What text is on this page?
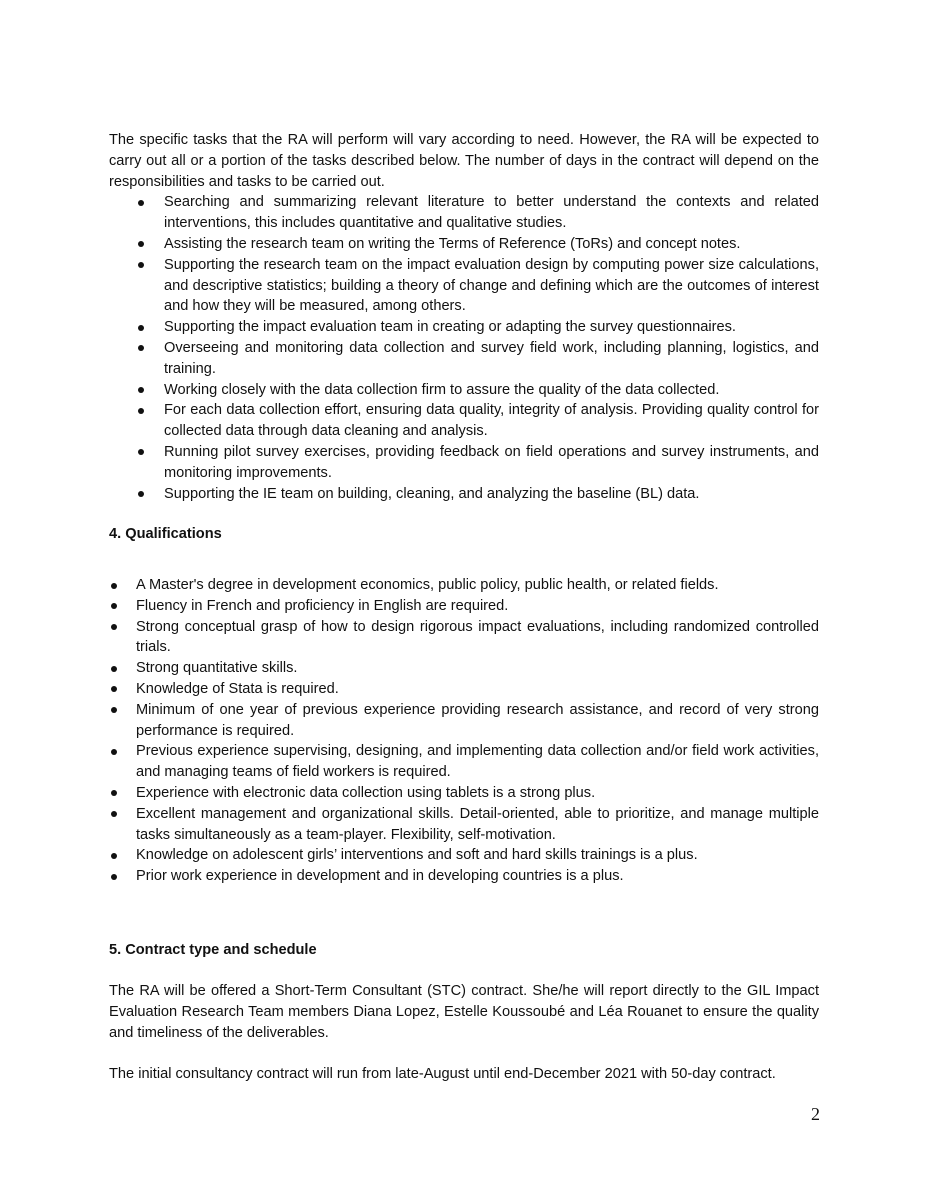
The specific tasks that the RA will perform will vary according to need. However, the RA will be expected to carry out all or a portion of the tasks described below. The number of days in the contract will depend on the responsibilities and tasks to be carried out.

Searching and summarizing relevant literature to better understand the contexts and related interventions, this includes quantitative and qualitative studies.
Assisting the research team on writing the Terms of Reference (ToRs) and concept notes.
Supporting the research team on the impact evaluation design by computing power size calculations, and descriptive statistics; building a theory of change and defining which are the outcomes of interest and how they will be measured, among others.
Supporting the impact evaluation team in creating or adapting the survey questionnaires.
Overseeing and monitoring data collection and survey field work, including planning, logistics, and training.
Working closely with the data collection firm to assure the quality of the data collected.
For each data collection effort, ensuring data quality, integrity of analysis. Providing quality control for collected data through data cleaning and analysis.
Running pilot survey exercises, providing feedback on field operations and survey instruments, and monitoring improvements.
Supporting the IE team on building, cleaning, and analyzing the baseline (BL) data.
4. Qualifications
A Master's degree in development economics, public policy, public health, or related fields.
Fluency in French and proficiency in English are required.
Strong conceptual grasp of how to design rigorous impact evaluations, including randomized controlled trials.
Strong quantitative skills.
Knowledge of Stata is required.
Minimum of one year of previous experience providing research assistance, and record of very strong performance is required.
Previous experience supervising, designing, and implementing data collection and/or field work activities, and managing teams of field workers is required.
Experience with electronic data collection using tablets is a strong plus.
Excellent management and organizational skills. Detail-oriented, able to prioritize, and manage multiple tasks simultaneously as a team-player. Flexibility, self-motivation.
Knowledge on adolescent girls’ interventions and soft and hard skills trainings is a plus.
Prior work experience in development and in developing countries is a plus.
5. Contract type and schedule

The RA will be offered a Short-Term Consultant (STC) contract. She/he will report directly to the GIL Impact Evaluation Research Team members Diana Lopez, Estelle Koussoubé and Léa Rouanet to ensure the quality and timeliness of the deliverables.

The initial consultancy contract will run from late-August until end-December 2021 with 50-day contract.

2
